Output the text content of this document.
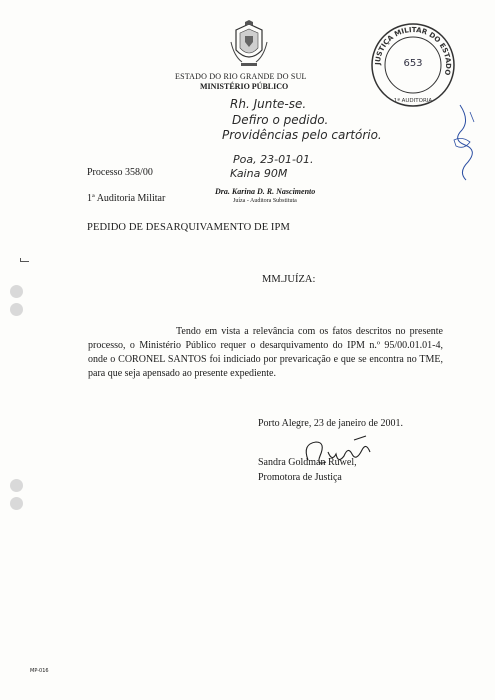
ESTADO DO RIO GRANDE DO SUL
MINISTÉRIO PÚBLICO
JUSTIÇA MILITAR DO ESTADO
653
1ª AUDITORIA
Rh. Junte-se.
Defiro o pedido.
Providências pelo cartório.
Poa, 23-01-01.
Kaina 90M
Processo 358/00
1ª Auditoria Militar
Dra. Karina D. R. Nascimento
Juíza - Auditora Substituta
PEDIDO DE DESARQUIVAMENTO DE IPM
MM.JUÍZA:

Tendo em vista a relevância com os fatos descritos no presente processo, o Ministério Público requer o desarquivamento do IPM n.º 95/00.01.01-4, onde o CORONEL SANTOS foi indiciado por prevaricação e que se encontra no TME, para que seja apensado ao presente expediente.

Porto Alegre, 23 de janeiro de 2001.
Sandra Goldman Ruwel,
Promotora de Justiça
MP-016
